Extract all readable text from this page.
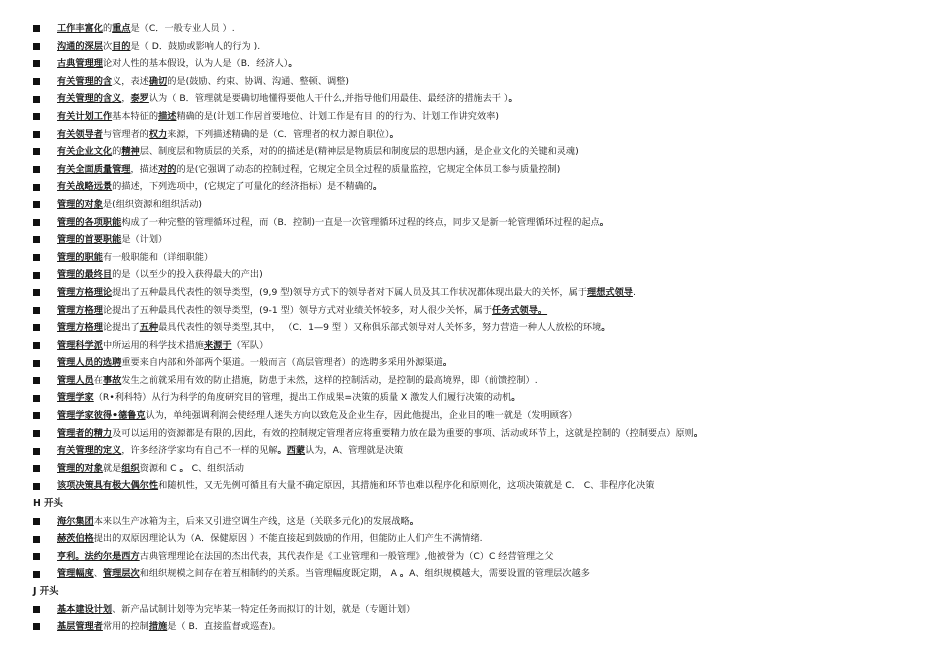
工作丰富化的重点是（C．一般专业人员 ）.
沟通的深层次目的是（ D．鼓励或影响人的行为 ).
古典管理理论对人性的基本假设，认为人是（B．经济人）。
有关管理的含义，表述确切的是(鼓励、约束、协调、沟通、整顿、调整)
有关管理的含义，泰罗认为（ B．管理就是要确切地懂得要他人干什么,并指导他们用最佳、最经济的措施去干 ）。
有关计划工作基本特征的描述精确的是(计划工作居首要地位、计划工作是有目 的的行为、计划工作讲究效率)
有关领导者与管理者的权力来源，下列描述精确的是（C．管理者的权力源自职位）。
有关企业文化的精神层、制度层和物质层的关系，对的的描述是(精神层是物质层和制度层的思想内涵，是企业文化的关键和灵魂)
有关全面质量管理，描述对的的是(它强调了动态的控制过程，它规定全员全过程的质量监控，它规定全体员工参与质量控制)
有关战略远景的描述，下列选项中，(它规定了可量化的经济指标）是不精确的。
管理的对象是(组织资源和组织活动)
管理的各项职能构成了一种完整的管理循环过程，而（B．控制)一直是一次管理循环过程的终点，同步又是新一轮管理循环过程的起点。
管理的首要职能是（计划）
管理的职能有一般职能和（详细职能）
管理的最终目的是（以至少的投入获得最大的产出)
管理方格理论提出了五种最具代表性的领导类型，(9,9 型)领导方式下的领导者对下属人员及其工作状况都体现出最大的关怀，属于理想式领导.
管理方格理论提出了五种最具代表性的领导类型，(9-1 型）领导方式对业绩关怀较多，对人很少关怀，属于任务式领导。
管理方格理论提出了五种最具代表性的领导类型,其中， （C．1—9 型 ）又称俱乐部式领导对人关怀多，努力营造一种人人放松的环境。
管理科学派中所运用的科学技术措施来源于（军队）
管理人员的选聘重要来自内部和外部两个渠道。一般而言（高层管理者）的选聘多采用外源渠道。
管理人员在事故发生之前就采用有效的防止措施，防患于未然，这样的控制活动，是控制的最高境界，即（前馈控制）.
管理学家（R•利科特）从行为科学的角度研究目的管理，提出工作成果=决策的质量 X 激发人们履行决策的动机。
管理学家彼得•德鲁克认为，单纯强调利润会使经理人迷失方向以致危及企业生存，因此他提出，企业目的唯一就是（发明顾客）
管理者的精力及可以运用的资源都是有限的,因此，有效的控制规定管理者应将重要精力放在最为重要的事项、活动或环节上，这就是控制的（控制要点）原则。
有关管理的定义，许多经济学家均有自己不一样的见解。西蒙认为，A、管理就是决策
管理的对象就是组织资源和 C 。 C、组织活动
该项决策具有极大偶尔性和随机性，又无先例可循且有大量不确定原因，其措施和环节也难以程序化和原则化，这项决策就是 C． C、非程序化决策
H 开头
海尔集团本来以生产冰箱为主，后来又引进空调生产线，这是（关联多元化)的发展战略。
赫茨伯格提出的双原因理论认为（A．保健原因 ）不能直接起到鼓励的作用，但能防止人们产生不满情绪.
亨利。法约尔是西方古典管理理论在法国的杰出代表，其代表作是《工业管理和一般管理》,他被誉为（C）C 经营管理之父
管理幅度、管理层次和组织规模之间存在着互相制约的关系。当管理幅度既定期， A 。A、组织规模越大，需要设置的管理层次越多
J 开头
基本建设计划、新产品试制计划等为完毕某一特定任务而拟订的计划，就是（专题计划）
基层管理者常用的控制措施是（ B．直接监督或巡查)。
